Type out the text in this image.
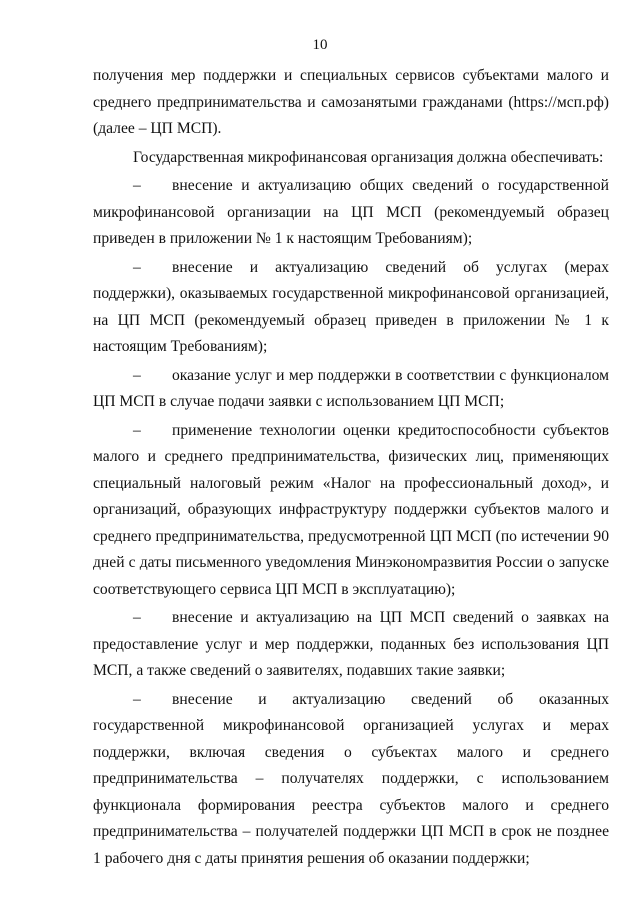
10

получения мер поддержки и специальных сервисов субъектами малого и среднего предпринимательства и самозанятыми гражданами (https://мсп.рф) (далее – ЦП МСП).

Государственная микрофинансовая организация должна обеспечивать:

–  внесение и актуализацию общих сведений о государственной микрофинансовой организации на ЦП МСП (рекомендуемый образец приведен в приложении № 1 к настоящим Требованиям);

–  внесение и актуализацию сведений об услугах (мерах поддержки), оказываемых государственной микрофинансовой организацией, на ЦП МСП (рекомендуемый образец приведен в приложении № 1 к настоящим Требованиям);

–  оказание услуг и мер поддержки в соответствии с функционалом ЦП МСП в случае подачи заявки с использованием ЦП МСП;

–  применение технологии оценки кредитоспособности субъектов малого и среднего предпринимательства, физических лиц, применяющих специальный налоговый режим «Налог на профессиональный доход», и организаций, образующих инфраструктуру поддержки субъектов малого и среднего предпринимательства, предусмотренной ЦП МСП (по истечении 90 дней с даты письменного уведомления Минэкономразвития России о запуске соответствующего сервиса ЦП МСП в эксплуатацию);

–  внесение и актуализацию на ЦП МСП сведений о заявках на предоставление услуг и мер поддержки, поданных без использования ЦП МСП, а также сведений о заявителях, подавших такие заявки;

–  внесение и актуализацию сведений об оказанных государственной микрофинансовой организацией услугах и мерах поддержки, включая сведения о субъектах малого и среднего предпринимательства – получателях поддержки, с использованием функционала формирования реестра субъектов малого и среднего предпринимательства – получателей поддержки ЦП МСП в срок не позднее 1 рабочего дня с даты принятия решения об оказании поддержки;
